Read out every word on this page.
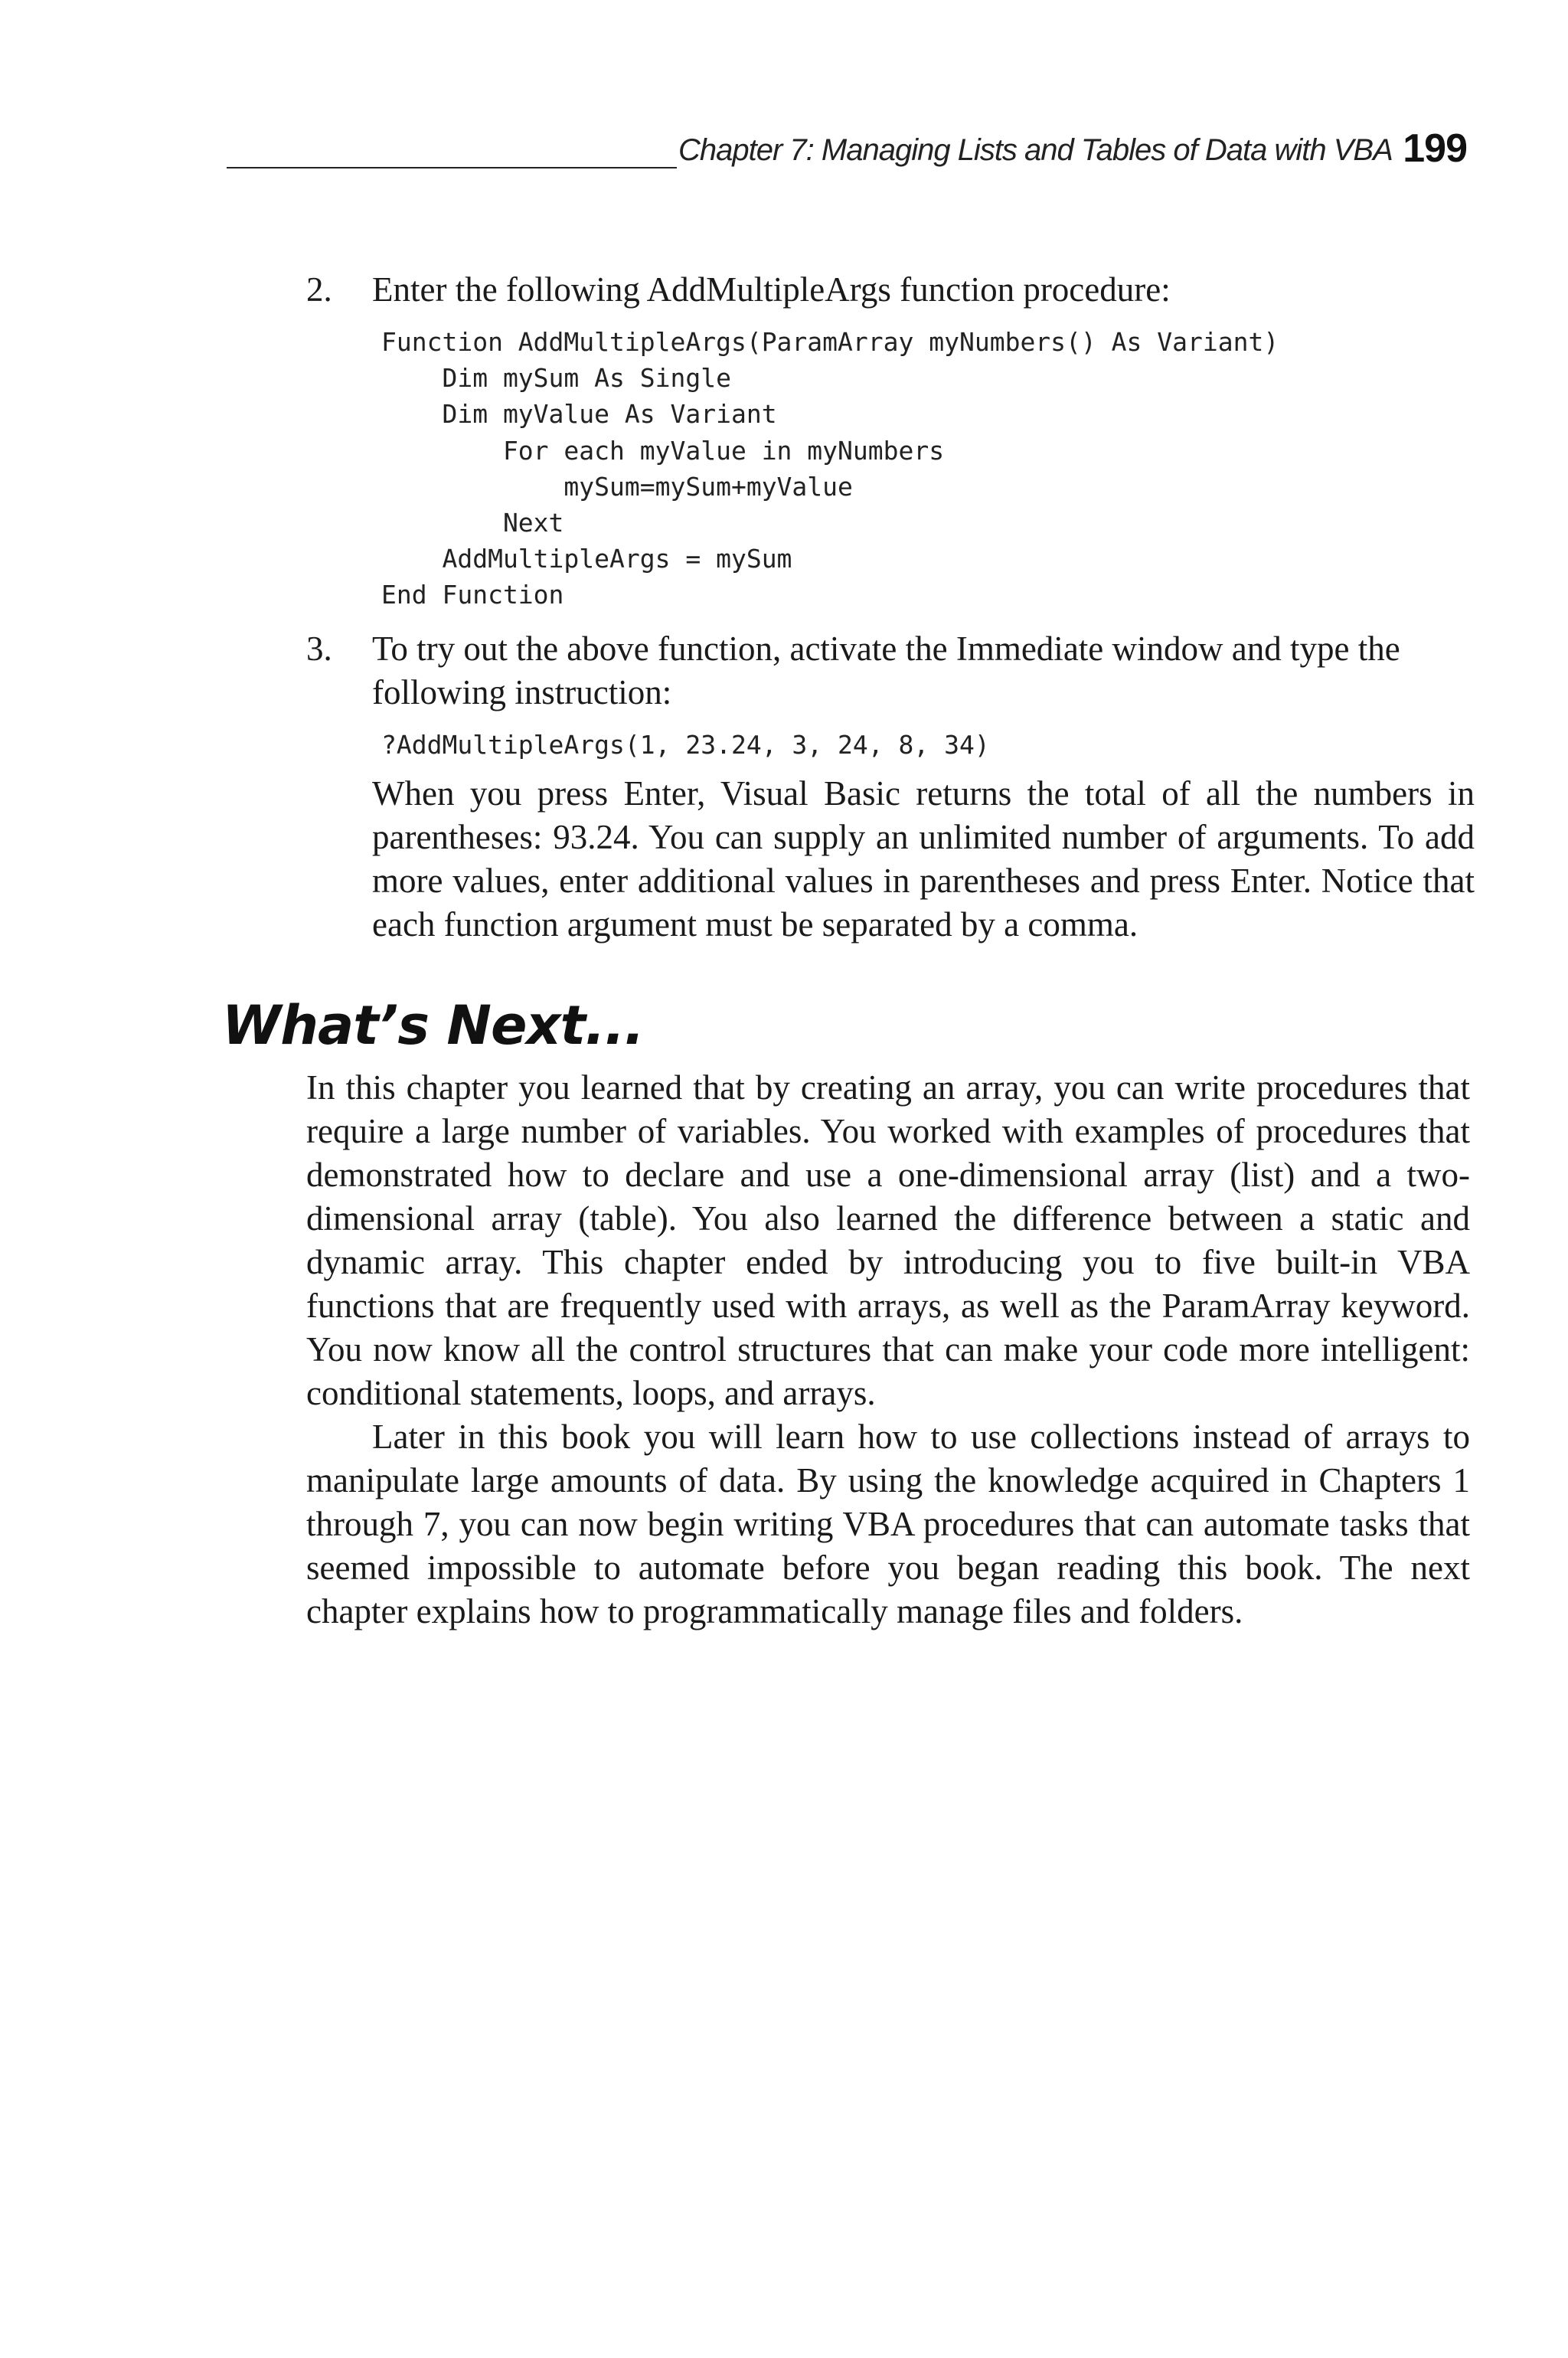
Chapter 7: Managing Lists and Tables of Data with VBA 199
2.	Enter the following AddMultipleArgs function procedure:
Function AddMultipleArgs(ParamArray myNumbers() As Variant)
Dim mySum As Single
Dim myValue As Variant
For each myValue in myNumbers
mySum=mySum+myValue
Next
AddMultipleArgs = mySum
End Function
3.	To try out the above function, activate the Immediate window and type the following instruction:
?AddMultipleArgs(1, 23.24, 3, 24, 8, 34)
When you press Enter, Visual Basic returns the total of all the numbers in parentheses: 93.24. You can supply an unlimited number of arguments. To add more values, enter additional values in parentheses and press Enter. Notice that each function argument must be separated by a comma.
What’s Next...
In this chapter you learned that by creating an array, you can write procedures that require a large number of variables. You worked with examples of procedures that demonstrated how to declare and use a one-dimensional array (list) and a two-dimensional array (table). You also learned the difference between a static and dynamic array. This chapter ended by introducing you to five built-in VBA functions that are frequently used with arrays, as well as the ParamArray keyword. You now know all the control structures that can make your code more intelligent: conditional statements, loops, and arrays.
Later in this book you will learn how to use collections instead of arrays to manipulate large amounts of data. By using the knowledge acquired in Chapters 1 through 7, you can now begin writing VBA procedures that can automate tasks that seemed impossible to automate before you began reading this book. The next chapter explains how to programmatically manage files and folders.
